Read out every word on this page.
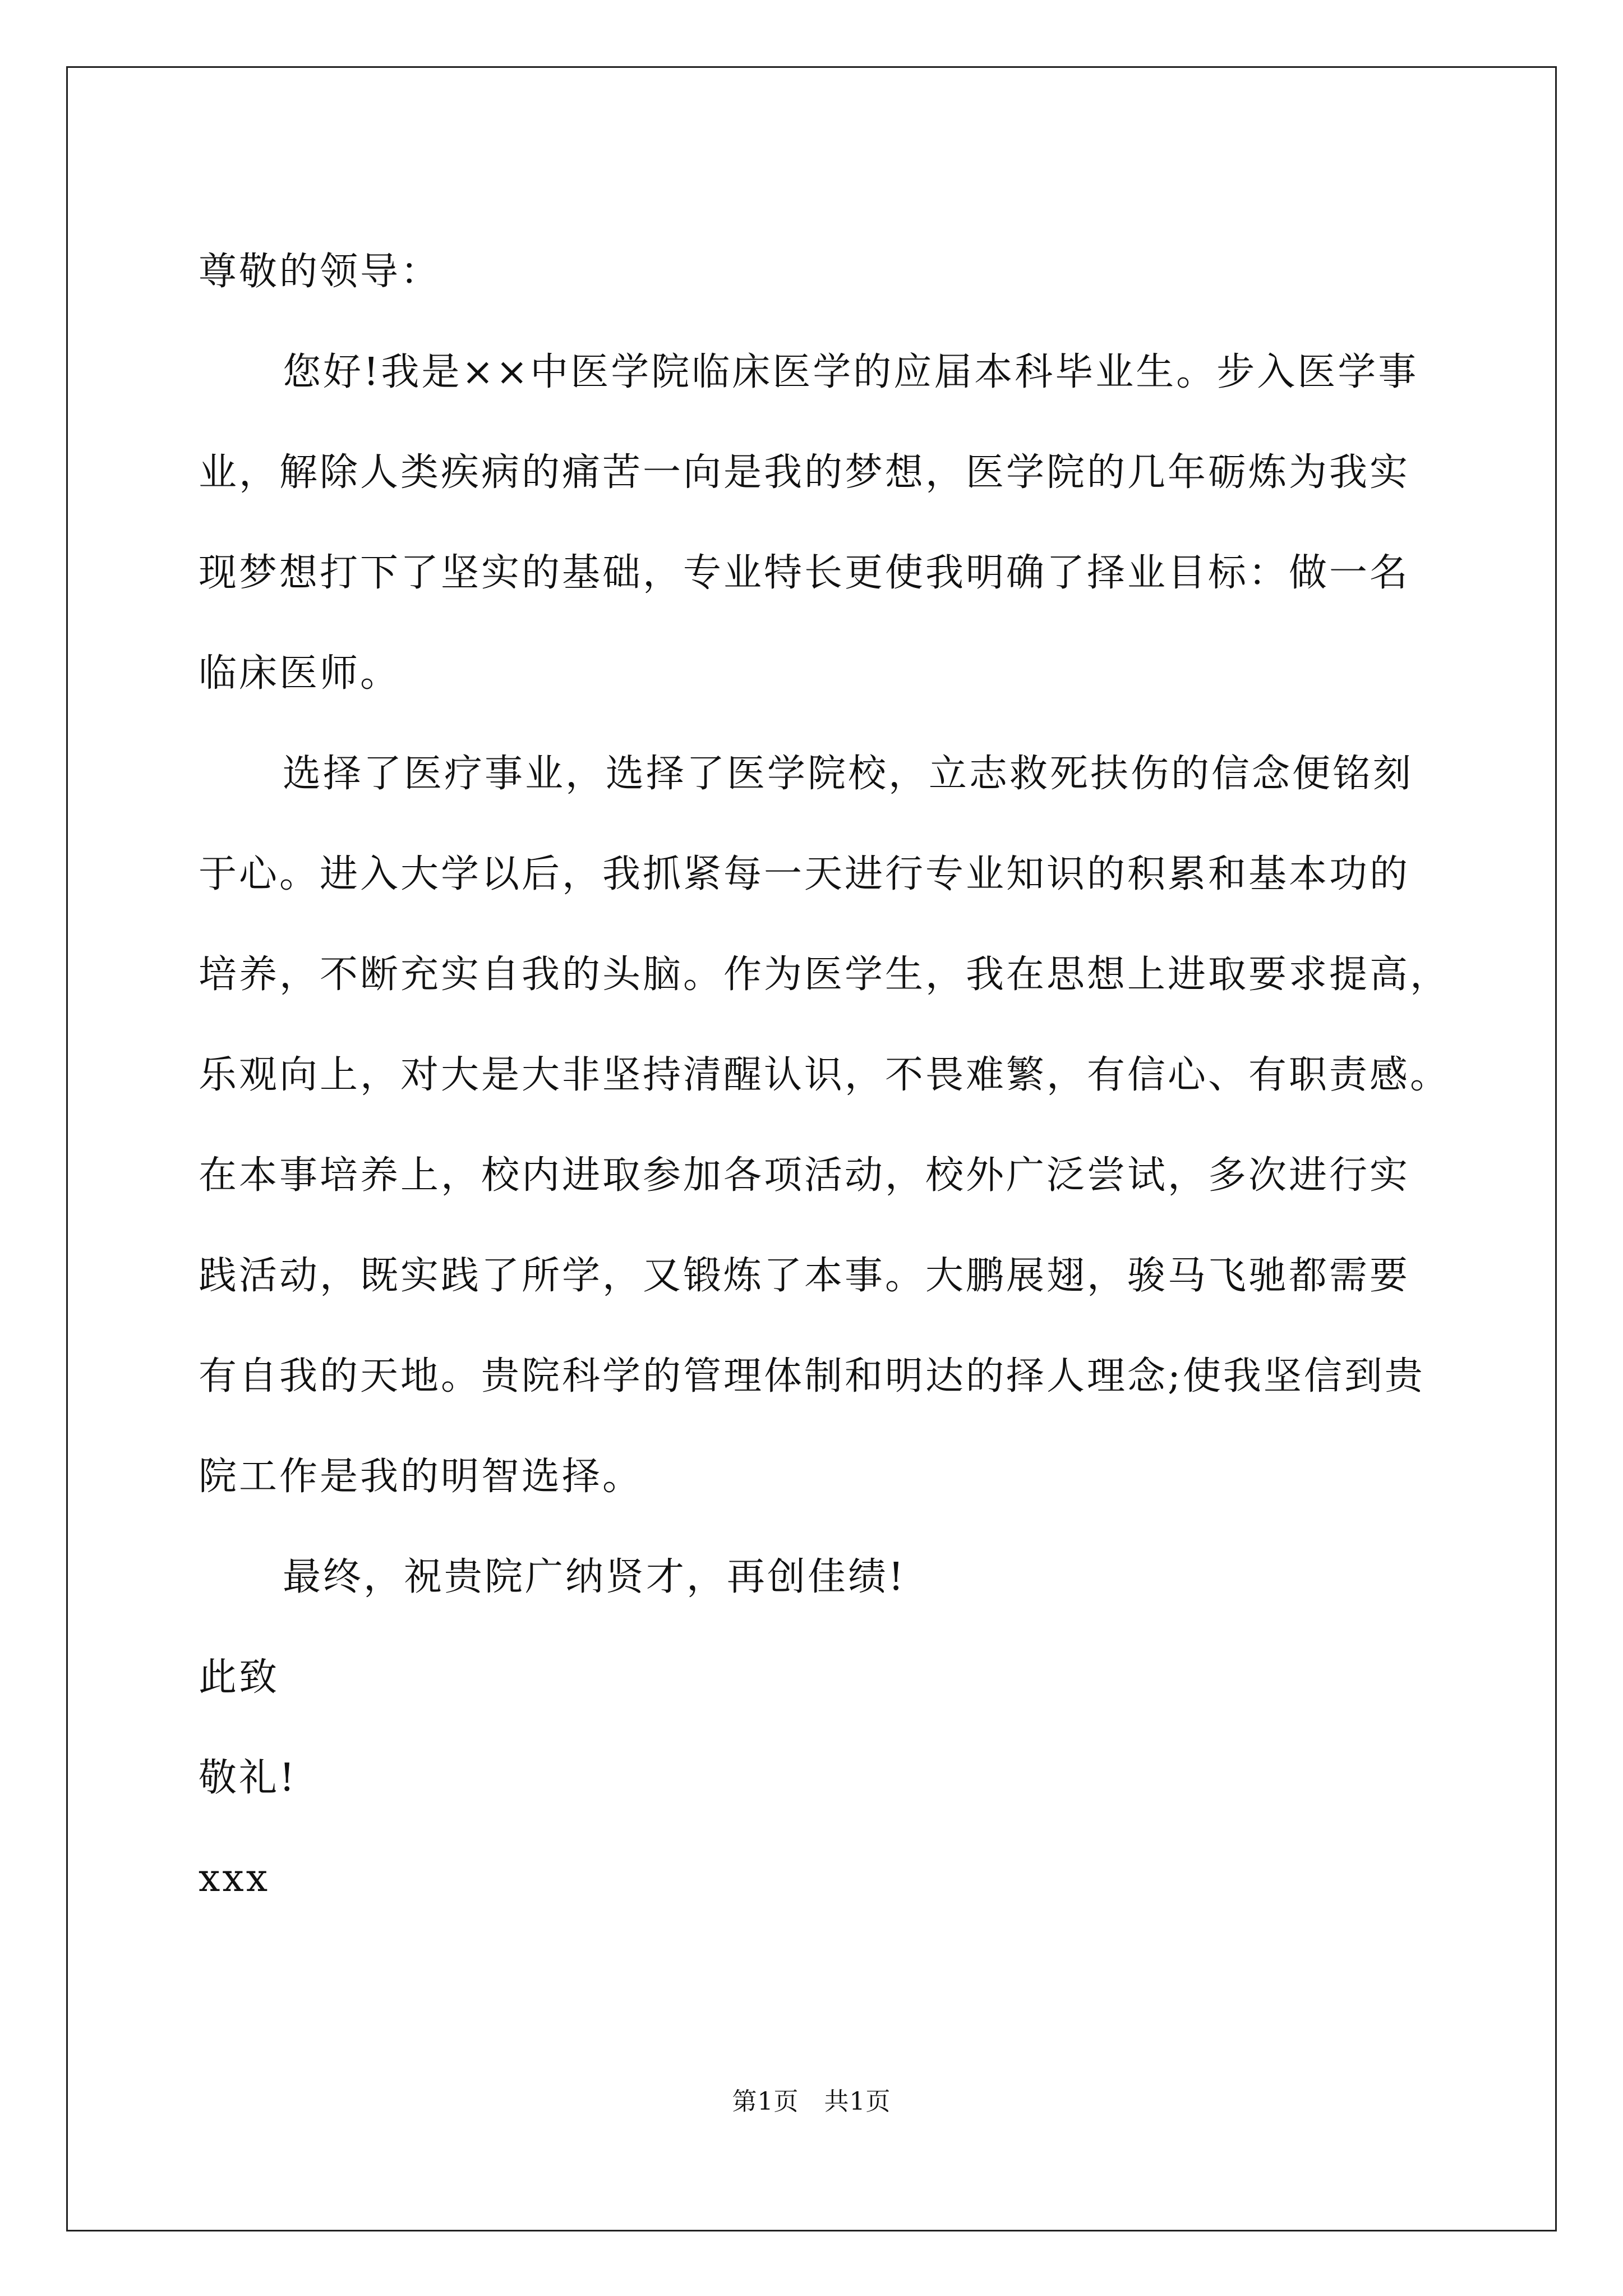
尊敬的领导：
您好!我是××中医学院临床医学的应届本科毕业生。步入医学事
业，解除人类疾病的痛苦一向是我的梦想，医学院的几年砺炼为我实
现梦想打下了坚实的基础，专业特长更使我明确了择业目标：做一名
临床医师。
选择了医疗事业，选择了医学院校，立志救死扶伤的信念便铭刻
于心。进入大学以后，我抓紧每一天进行专业知识的积累和基本功的
培养，不断充实自我的头脑。作为医学生，我在思想上进取要求提高，
乐观向上，对大是大非坚持清醒认识，不畏难繁，有信心、有职责感。
在本事培养上，校内进取参加各项活动，校外广泛尝试，多次进行实
践活动，既实践了所学，又锻炼了本事。大鹏展翅，骏马飞驰都需要
有自我的天地。贵院科学的管理体制和明达的择人理念;使我坚信到贵
院工作是我的明智选择。
最终，祝贵院广纳贤才，再创佳绩!
此致
敬礼!
xxx
第1页　共1页
